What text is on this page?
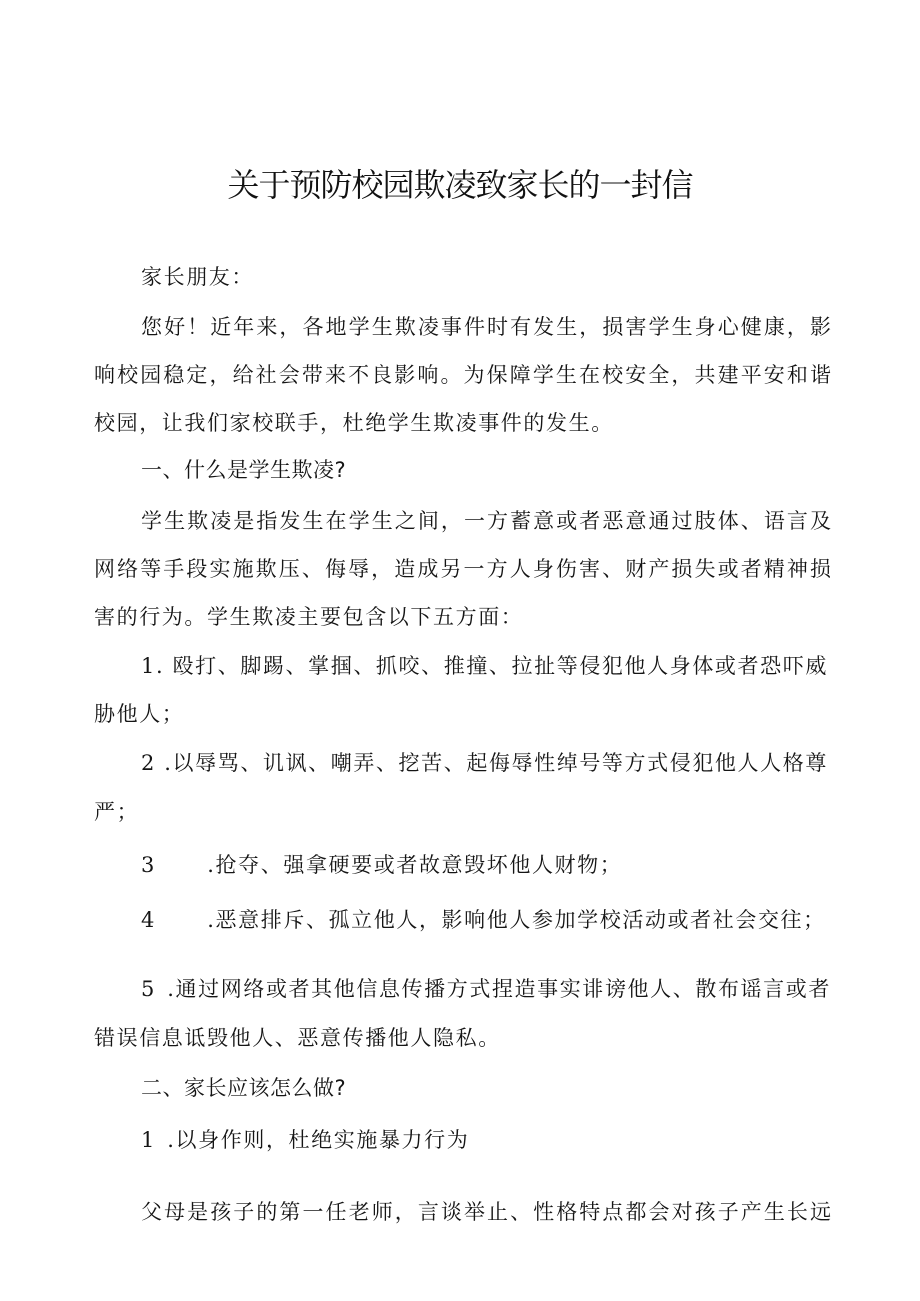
关于预防校园欺凌致家长的一封信
家长朋友：
您好！近年来，各地学生欺凌事件时有发生，损害学生身心健康，影
响校园稳定，给社会带来不良影响。为保障学生在校安全，共建平安和谐
校园，让我们家校联手，杜绝学生欺凌事件的发生。
一、什么是学生欺凌?
学生欺凌是指发生在学生之间，一方蓄意或者恶意通过肢体、语言及
网络等手段实施欺压、侮辱，造成另一方人身伤害、财产损失或者精神损
害的行为。学生欺凌主要包含以下五方面：
1. 殴打、脚踢、掌掴、抓咬、推撞、拉扯等侵犯他人身体或者恐吓威
胁他人；
2 .以辱骂、讥讽、嘲弄、挖苦、起侮辱性绰号等方式侵犯他人人格尊
严；
3 .抢夺、强拿硬要或者故意毁坏他人财物；
4 .恶意排斥、孤立他人，影响他人参加学校活动或者社会交往；
5 .通过网络或者其他信息传播方式捏造事实诽谤他人、散布谣言或者
错误信息诋毁他人、恶意传播他人隐私。
二、家长应该怎么做?
1 .以身作则，杜绝实施暴力行为
父母是孩子的第一任老师，言谈举止、性格特点都会对孩子产生长远
